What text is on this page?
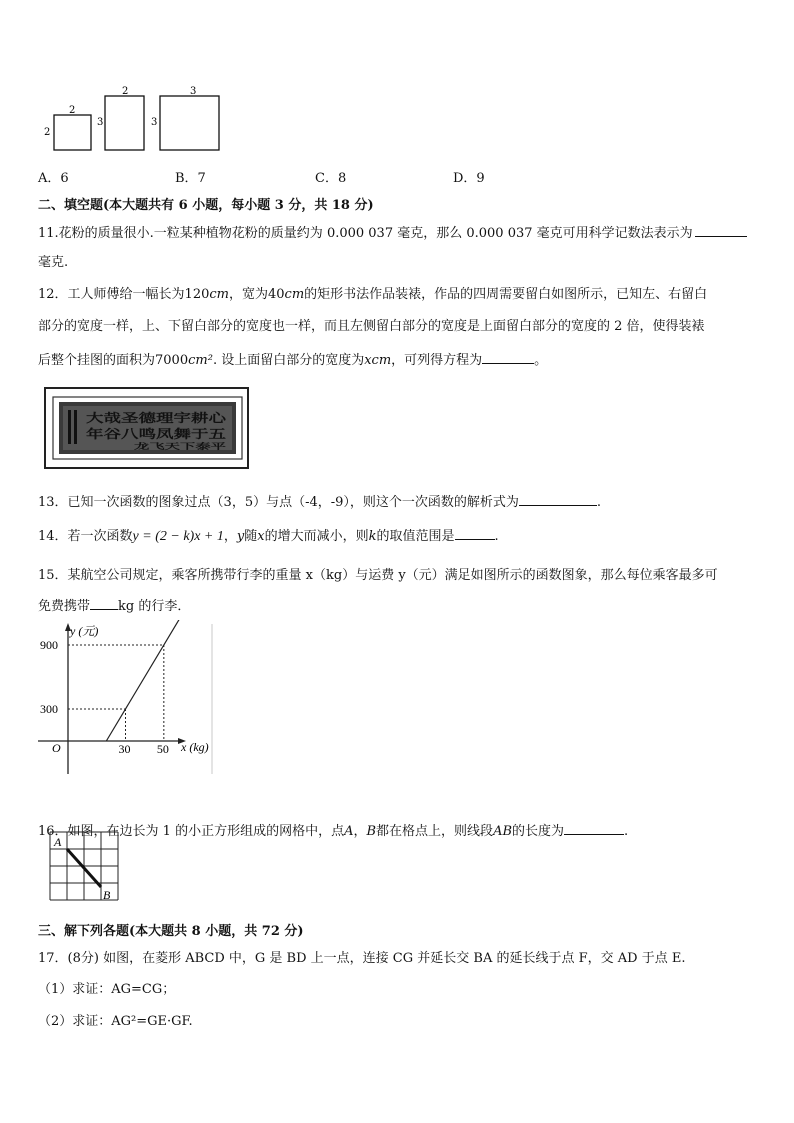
2
2
2
3
3
3
A．6	B．7	C．8	D．9
二、填空题(本大题共有 6 小题，每小题 3 分，共 18 分)
11.花粉的质量很小.一粒某种植物花粉的质量约为 0.000 037 毫克，那么 0.000 037 毫克可用科学记数法表示为
毫克.
12．工人师傅给一幅长为120cm，宽为40cm的矩形书法作品装裱，作品的四周需要留白如图所示，已知左、右留白
部分的宽度一样，上、下留白部分的宽度也一样，而且左侧留白部分的宽度是上面留白部分的宽度的 2 倍，使得装裱
后整个挂图的面积为7000cm². 设上面留白部分的宽度为xcm，可列得方程为	。
大哉圣德理宇耕心
年谷八鸣凤舞于五
龙飞天下泰平
13．已知一次函数的图象过点（3，5）与点（-4，-9），则这个一次函数的解析式为	.
14．若一次函数y = (2 − k)x + 1，y随x的增大而减小，则k的取值范围是	.
15．某航空公司规定，乘客所携带行李的重量 x（kg）与运费 y（元）满足如图所示的函数图象，那么每位乘客最多可
免费携带 kg 的行李．
y (元)
x (kg)
O	30 50
300
900
16．如图，在边长为 1 的小正方形组成的网格中，点A，B都在格点上，则线段AB的长度为	.
A
B
三、解下列各题(本大题共 8 小题，共 72 分)
17．(8分) 如图，在菱形 ABCD 中，G 是 BD 上一点，连接 CG 并延长交 BA 的延长线于点 F，交 AD 于点 E.
（1）求证：AG=CG；
（2）求证：AG²=GE·GF.
